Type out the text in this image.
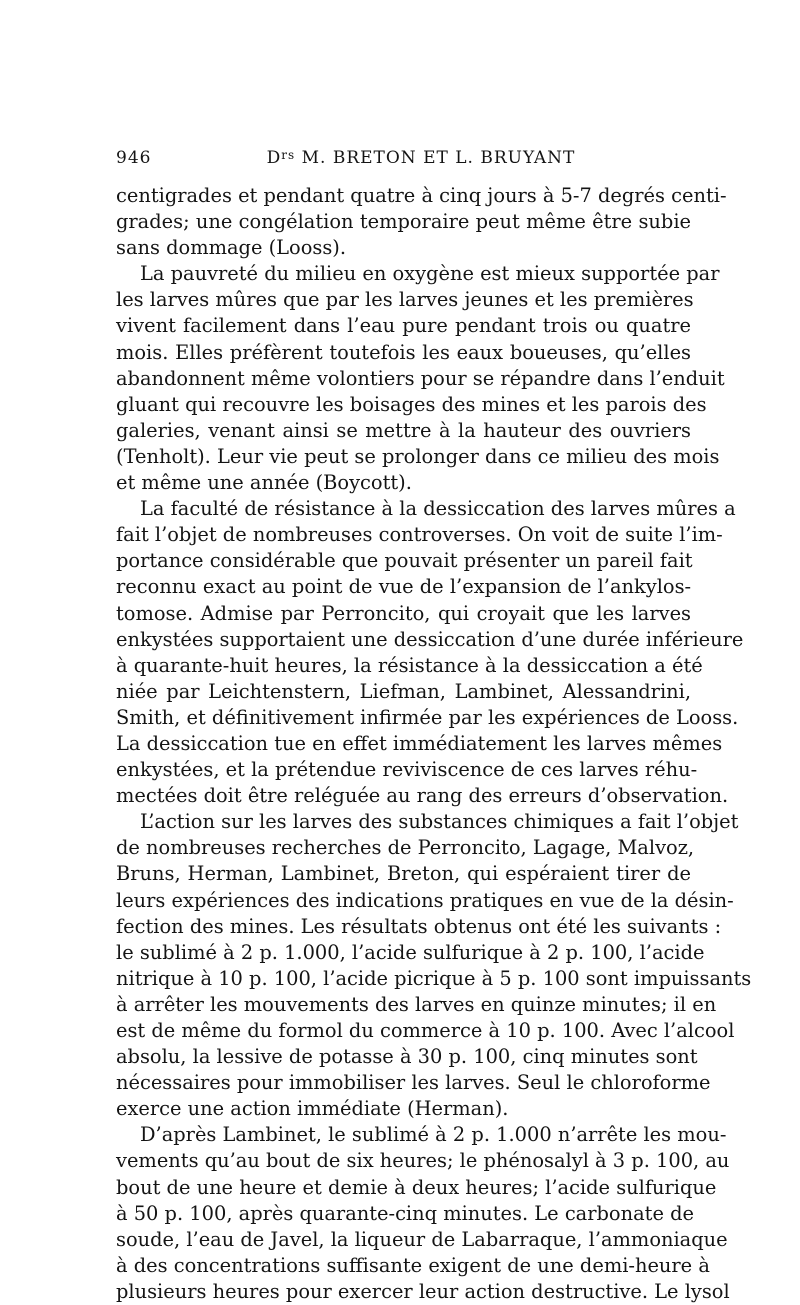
946	$D^{rs}$ M. BRETON ET L. BRUYANT
centigrades et pendant quatre à cinq jours à 5-7 degrés centi-
grades; une congélation temporaire peut même être subie
sans dommage (Looss).
La pauvreté du milieu en oxygène est mieux supportée par
les larves mûres que par les larves jeunes et les premières
vivent facilement dans l’eau pure pendant trois ou quatre
mois. Elles préfèrent toutefois les eaux boueuses, qu’elles
abandonnent même volontiers pour se répandre dans l’enduit
gluant qui recouvre les boisages des mines et les parois des
galeries, venant ainsi se mettre à la hauteur des ouvriers
(Tenholt). Leur vie peut se prolonger dans ce milieu des mois
et même une année (Boycott).
La faculté de résistance à la dessiccation des larves mûres a
fait l’objet de nombreuses controverses. On voit de suite l’im-
portance considérable que pouvait présenter un pareil fait
reconnu exact au point de vue de l’expansion de l’ankylos-
tomose. Admise par Perroncito, qui croyait que les larves
enkystées supportaient une dessiccation d’une durée inférieure
à quarante-huit heures, la résistance à la dessiccation a été
niée par Leichtenstern, Liefman, Lambinet, Alessandrini,
Smith, et définitivement infirmée par les expériences de Looss.
La dessiccation tue en effet immédiatement les larves mêmes
enkystées, et la prétendue reviviscence de ces larves réhu-
mectées doit être reléguée au rang des erreurs d’observation.
L’action sur les larves des substances chimiques a fait l’objet
de nombreuses recherches de Perroncito, Lagage, Malvoz,
Bruns, Herman, Lambinet, Breton, qui espéraient tirer de
leurs expériences des indications pratiques en vue de la désin-
fection des mines. Les résultats obtenus ont été les suivants :
le sublimé à 2 p. 1.000, l’acide sulfurique à 2 p. 100, l’acide
nitrique à 10 p. 100, l’acide picrique à 5 p. 100 sont impuissants
à arrêter les mouvements des larves en quinze minutes; il en
est de même du formol du commerce à 10 p. 100. Avec l’alcool
absolu, la lessive de potasse à 30 p. 100, cinq minutes sont
nécessaires pour immobiliser les larves. Seul le chloroforme
exerce une action immédiate (Herman).
D’après Lambinet, le sublimé à 2 p. 1.000 n’arrête les mou-
vements qu’au bout de six heures; le phénosalyl à 3 p. 100, au
bout de une heure et demie à deux heures; l’acide sulfurique
à 50 p. 100, après quarante-cinq minutes. Le carbonate de
soude, l’eau de Javel, la liqueur de Labarraque, l’ammoniaque
à des concentrations suffisante exigent de une demi-heure à
plusieurs heures pour exercer leur action destructive. Le lysol
